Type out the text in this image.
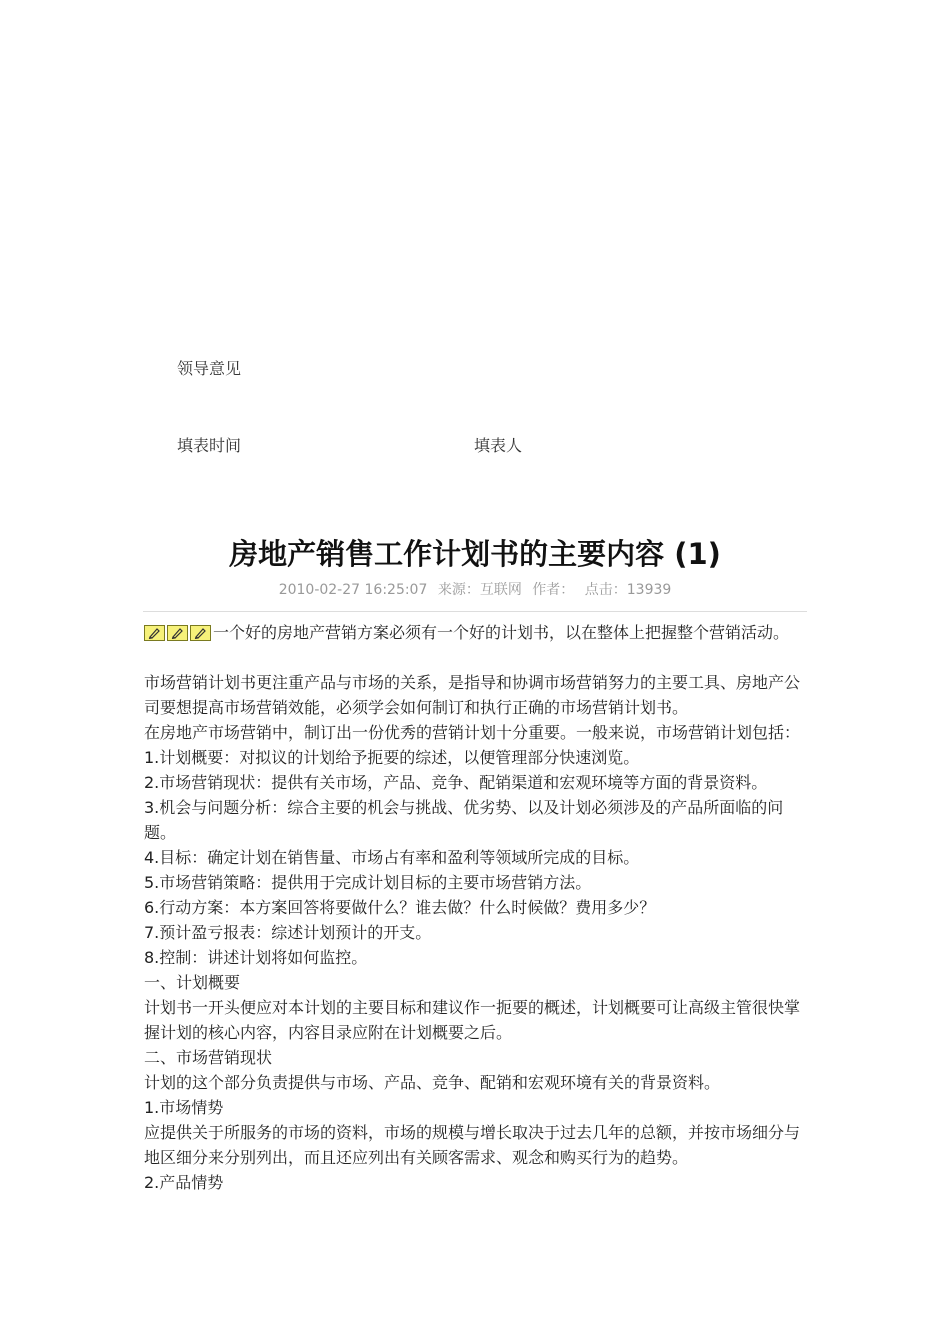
领导意见
填表时间	填表人
房地产销售工作计划书的主要内容 (1)
2010-02-27 16:25:07 来源：互联网 作者： 点击：13939
一个好的房地产营销方案必须有一个好的计划书，以在整体上把握整个营销活动。

市场营销计划书更注重产品与市场的关系，是指导和协调市场营销努力的主要工具、房地产公司要想提高市场营销效能，必须学会如何制订和执行正确的市场营销计划书。

在房地产市场营销中，制订出一份优秀的营销计划十分重要。一般来说，市场营销计划包括：

1.计划概要：对拟议的计划给予扼要的综述，以便管理部分快速浏览。

2.市场营销现状：提供有关市场，产品、竞争、配销渠道和宏观环境等方面的背景资料。

3.机会与问题分析：综合主要的机会与挑战、优劣势、以及计划必须涉及的产品所面临的问题。

4.目标：确定计划在销售量、市场占有率和盈利等领域所完成的目标。

5.市场营销策略：提供用于完成计划目标的主要市场营销方法。

6.行动方案：本方案回答将要做什么？谁去做？什么时候做？费用多少？

7.预计盈亏报表：综述计划预计的开支。

8.控制：讲述计划将如何监控。

一、计划概要

计划书一开头便应对本计划的主要目标和建议作一扼要的概述，计划概要可让高级主管很快掌握计划的核心内容，内容目录应附在计划概要之后。

二、市场营销现状

计划的这个部分负责提供与市场、产品、竞争、配销和宏观环境有关的背景资料。

1.市场情势

应提供关于所服务的市场的资料，市场的规模与增长取决于过去几年的总额，并按市场细分与地区细分来分别列出，而且还应列出有关顾客需求、观念和购买行为的趋势。

2.产品情势
